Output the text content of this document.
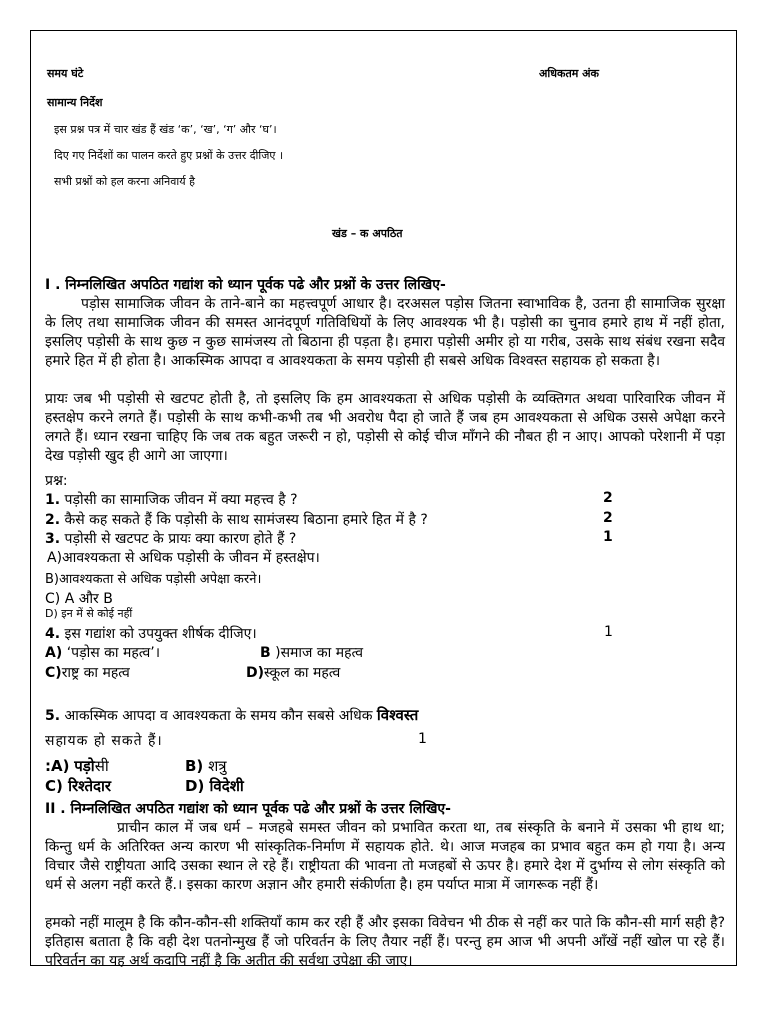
समय घंटे	अधिकतम अंक
सामान्य निर्देश
इस प्रश्न पत्र में चार खंड हैं खंड ‘क’, ‘ख’, ‘ग’ और ‘घ’।
दिए गए निर्देशों का पालन करते हुए प्रश्नों के उत्तर दीजिए ।
सभी प्रश्नों को हल करना अनिवार्य है
खंड – क अपठित
I . निम्नलिखित अपठित गद्यांश को ध्यान पूर्वक पढे और प्रश्नों के उत्तर लिखिए-
पड़ोस सामाजिक जीवन के ताने-बाने का महत्त्वपूर्ण आधार है। दरअसल पड़ोस जितना स्वाभाविक है, उतना ही सामाजिक सुरक्षा के लिए तथा सामाजिक जीवन की समस्त आनंदपूर्ण गतिविधियों के लिए आवश्यक भी है। पड़ोसी का चुनाव हमारे हाथ में नहीं होता, इसलिए पड़ोसी के साथ कुछ न कुछ सामंजस्य तो बिठाना ही पड़ता है। हमारा पड़ोसी अमीर हो या गरीब, उसके साथ संबंध रखना सदैव हमारे हित में ही होता है। आकस्मिक आपदा व आवश्यकता के समय पड़ोसी ही सबसे अधिक विश्वस्त सहायक हो सकता है।
प्रायः जब भी पड़ोसी से खटपट होती है, तो इसलिए कि हम आवश्यकता से अधिक पड़ोसी के व्यक्तिगत अथवा पारिवारिक जीवन में हस्तक्षेप करने लगते हैं। पड़ोसी के साथ कभी-कभी तब भी अवरोध पैदा हो जाते हैं जब हम आवश्यकता से अधिक उससे अपेक्षा करने लगते हैं। ध्यान रखना चाहिए कि जब तक बहुत जरूरी न हो, पड़ोसी से कोई चीज माँगने की नौबत ही न आए। आपको परेशानी में पड़ा देख पड़ोसी खुद ही आगे आ जाएगा।
प्रश्न:
1. पड़ोसी का सामाजिक जीवन में क्या महत्त्व है ?	2
2. कैसे कह सकते हैं कि पड़ोसी के साथ सामंजस्य बिठाना हमारे हित में है ?	2
3. पड़ोसी से खटपट के प्रायः क्या कारण होते हैं ?	1
A)आवश्यकता से अधिक पड़ोसी के जीवन में हस्तक्षेप।
B)आवश्यकता से अधिक पड़ोसी अपेक्षा करने।
C) A और B
D) इन में से कोई नहीं
4. इस गद्यांश को उपयुक्त शीर्षक दीजिए।	1
A) ‘पड़ोस का महत्व’।	B )समाज का महत्व
C)राष्ट्र का महत्व	D)स्कूल का महत्व
5. आकस्मिक आपदा व आवश्यकता के समय कौन सबसे अधिक विश्वस्त
सहायक हो सकते हैं।	1
:A) पड़ोसी	B) शत्रु
C) रिश्तेदार	D) विदेशी
II . निम्नलिखित अपठित गद्यांश को ध्यान पूर्वक पढे और प्रश्नों के उत्तर लिखिए-
प्राचीन काल में जब धर्म – मजहबे समस्त जीवन को प्रभावित करता था, तब संस्कृति के बनाने में उसका भी हाथ था; किन्तु धर्म के अतिरिक्त अन्य कारण भी सांस्कृतिक-निर्माण में सहायक होते. थे। आज मजहब का प्रभाव बहुत कम हो गया है। अन्य विचार जैसे राष्ट्रीयता आदि उसका स्थान ले रहे हैं। राष्ट्रीयता की भावना तो मजहबों से ऊपर है। हमारे देश में दुर्भाग्य से लोग संस्कृति को धर्म से अलग नहीं करते हैं.। इसका कारण अज्ञान और हमारी संकीर्णता है। हम पर्याप्त मात्रा में जागरूक नहीं हैं।
हमको नहीं मालूम है कि कौन-कौन-सी शक्तियाँ काम कर रही हैं और इसका विवेचन भी ठीक से नहीं कर पाते कि कौन-सी मार्ग सही है? इतिहास बताता है कि वही देश पतनोन्मुख हैं जो परिवर्तन के लिए तैयार नहीं हैं। परन्तु हम आज भी अपनी आँखें नहीं खोल पा रहे हैं। परिवर्तन का यह अर्थ कदापि नहीं है कि अतीत की सर्वथा उपेक्षा की जाए।
